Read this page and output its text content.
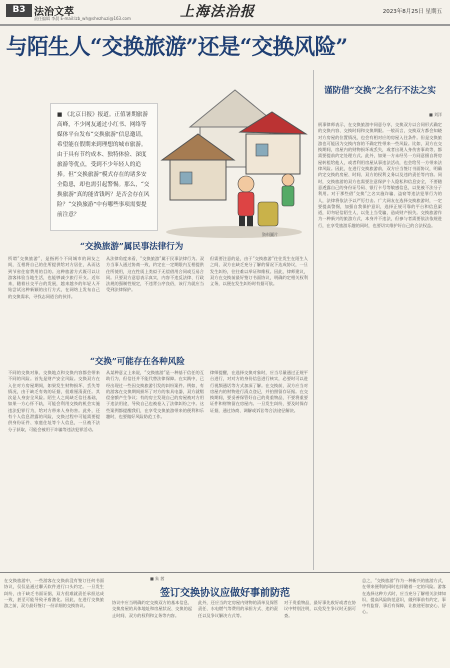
B3 法治文萃
责任编辑 李晨 E-mail:lzb_wh@shezhuzi@163.com	上海法治报	2023年8月25日 星期五
与陌生人“交换旅游”还是“交换风险”
■ 《北京日报》报道。正值暑期旅游高峰，不少网友通过小红书、网络等媒体平台发布“交换旅游”信息邀请，希望能在假期来到理想的城市旅游。由于具有节约成本、独特体验、深度旅游等优点，受到不少年轻人的追捧。但“交换旅游”模式存在的诸多安全隐患，却也需引起警惕。那么，“交换旅游”真的能省钱吗？是否会存在风险？“交换旅游”中有哪些事项需要提前注意？
資料圖片
谨防借“交换”之名行不法之实
■ 刘洋
刑事律师表示，在交换旅游中同意分享，交换双方以合同形式确定的交换内容、交换时间和交换期限。一般而言，交换双方都会知晓对方房屋的位置情况，也会有相对应的房屋入住条件。但是交换旅游也可能因为交换内容的不确定性带来一些风险。比如，双方在交换期间，房屋内的财物损坏或丢失，或者出现人身伤害事故等，都需要提前约定处理方式。此外，如果一方未经另一方同意擅自将房屋转租给他人，或者利用房屋从事违法活动，也会给另一方带来法律风险。因此，在进行交换旅游前，双方应当签订书面协议，明确约定交换的房屋、时间、双方的权利义务以及违约责任等内容。同时，交换旅游的双方也需要注意保护个人隐私和信息安全，不要随意透露自己的身份证号码、银行卡号等敏感信息，以免被不法分子利用。对于那些借“交换”之名实施诈骗、盗窃等违法犯罪行为的人，法律将依法予以严厉打击。广大网友在选择交换旅游时，一定要提高警惕，加强自我保护意识，选择正规可靠的平台和信息渠道，切勿轻信陌生人，以免上当受骗，造成财产损失。交换旅游作为一种新兴的旅游方式，本身并不违法，但参与者需要依法依规进行，在享受旅游乐趣的同时，也要切实维护好自己的合法权益。
“交换旅游”属民事法律行为
“交换”可能存在各种风险
所谓“交换旅游”，是指两个不同城市的网友之间，互相将自己的住所提供给对方居住，从而达到节省住宿费用的目的。这种旅游方式既可以让游客体验当地生活，也能够减少旅行开支。近年来，随着社交平台的发展，越来越多的年轻人开始尝试这种新颖的出行方式，在网络上发布自己的交换需求，寻找志同道合的伙伴。
从法律角度来看，“交换旅游”属于民事法律行为。双方当事人通过协商一致，约定在一定期限内互相提供住所使用，这在性质上类似于无偿借用合同或互易合同。只要双方意思表示真实，内容不违反法律、行政法规的强制性规定，不违背公序良俗，该行为就应当受到法律保护。
但需要注意的是，由于“交换旅游”往往发生在陌生人之间，双方在缺乏充分了解的情况下达成协议，一旦发生纠纷，往往难以举证和维权。因此，律师建议，双方在交换前最好签订书面协议，明确约定相关权利义务，以便在发生纠纷时有据可依。
不同的交换对象、交换地点和交换内容都会带来不同的风险。首先是财产安全风险。交换双方在入住对方房屋期间，如果发生财物损坏、丢失等情况，由于缺乏有效的证据，很难厘清责任。其次是人身安全风险。陌生人之间缺乏信任基础，如果一方心怀不轨，可能会利用交换的机会实施违法犯罪行为，给对方带来人身伤害。此外，还有个人信息泄露的风险，交换过程中可能需要提供身份证件、家庭住址等个人信息，一旦被不法分子获取，可能会被用于诈骗等违法犯罪活动。
从某种意义上来说，“交换旅游”是一种基于信任的互助行为，但信任并不能代替法律保障。在实践中，已经出现过一些因交换旅游引发的纠纷案件。例如，有的游客在交换期间损坏了对方的家具电器，双方就赔偿金额产生争议；有的房主发现自己的房屋被对方用于违法用途，导致自己也被卷入了法律纠纷之中。这些案例都提醒我们，在享受交换旅游带来的便利和乐趣时，也要做好风险防范工作。
律师提醒，在选择交换对象时，应当尽量通过正规平台进行，对对方的身份信息进行核实，必要时可以进行视频通话等方式加深了解。在交换前，双方应当对房屋内的财物进行清点登记，并拍照留存证据。在交换期间，要妥善保管好自己的贵重物品，不要将重要证件和财物留在房屋内。一旦发生纠纷，要及时保存证据，通过协商、调解或诉讼等合法途径解决。
■ 朱 茜
签订交换协议应做好事前防范
在交换旅游中，一些游客在交换前没有签订任何书面协议，仅仅是通过聊天软件进行口头约定。一旦发生纠纷，由于缺乏书面证据，双方很难就责任承担达成一致，甚至可能导致矛盾激化。因此，在进行交换旅游之前，双方最好签订一份详细的交换协议。
协议中应当明确约定交换双方的基本信息、交换房屋的具体地址和房屋状况、交换的起止时间、双方的权利和义务等内容。
此外，还应当约定房屋内财物的清单及保管责任、水电燃气等费用的承担方式、违约责任以及争议解决方式等。
对于贵重物品，最好事先收好或者在协议中特别注明，以免发生争议时无据可查。
总之，“交换旅游”作为一种新兴的旅游方式，在带来便利的同时也伴随着一定的风险。游客在选择这种方式时，应当充分了解相关法律知识，提高风险防范意识，做到事前有约定、事中有监督、事后有保障，让旅途更加安心、舒心。
